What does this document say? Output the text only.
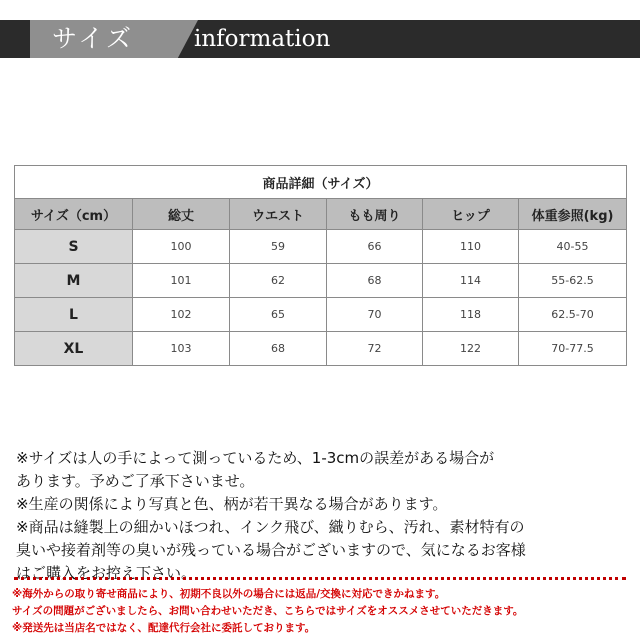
サイズ	information
商品詳細（サイズ）					
サイズ（cm）	総丈	ウエスト	もも周り	ヒップ	体重参照(kg)
S	100	59	66	110	40-55
M	101	62	68	114	55-62.5
L	102	65	70	118	62.5-70
XL	103	68	72	122	70-77.5

※サイズは人の手によって測っているため、1-3cmの誤差がある場合が

あります。予めご了承下さいませ。

※生産の関係により写真と色、柄が若干異なる場合があります。

※商品は縫製上の細かいほつれ、インク飛び、織りむら、汚れ、素材特有の

臭いや接着剤等の臭いが残っている場合がございますので、気になるお客様

はご購入をお控え下さい。

※海外からの取り寄せ商品により、初期不良以外の場合には返品/交換に対応できかねます。

サイズの問題がございましたら、お問い合わせいただき、こちらではサイズをオススメさせていただきます。

※発送先は当店名ではなく、配達代行会社に委託しております。
